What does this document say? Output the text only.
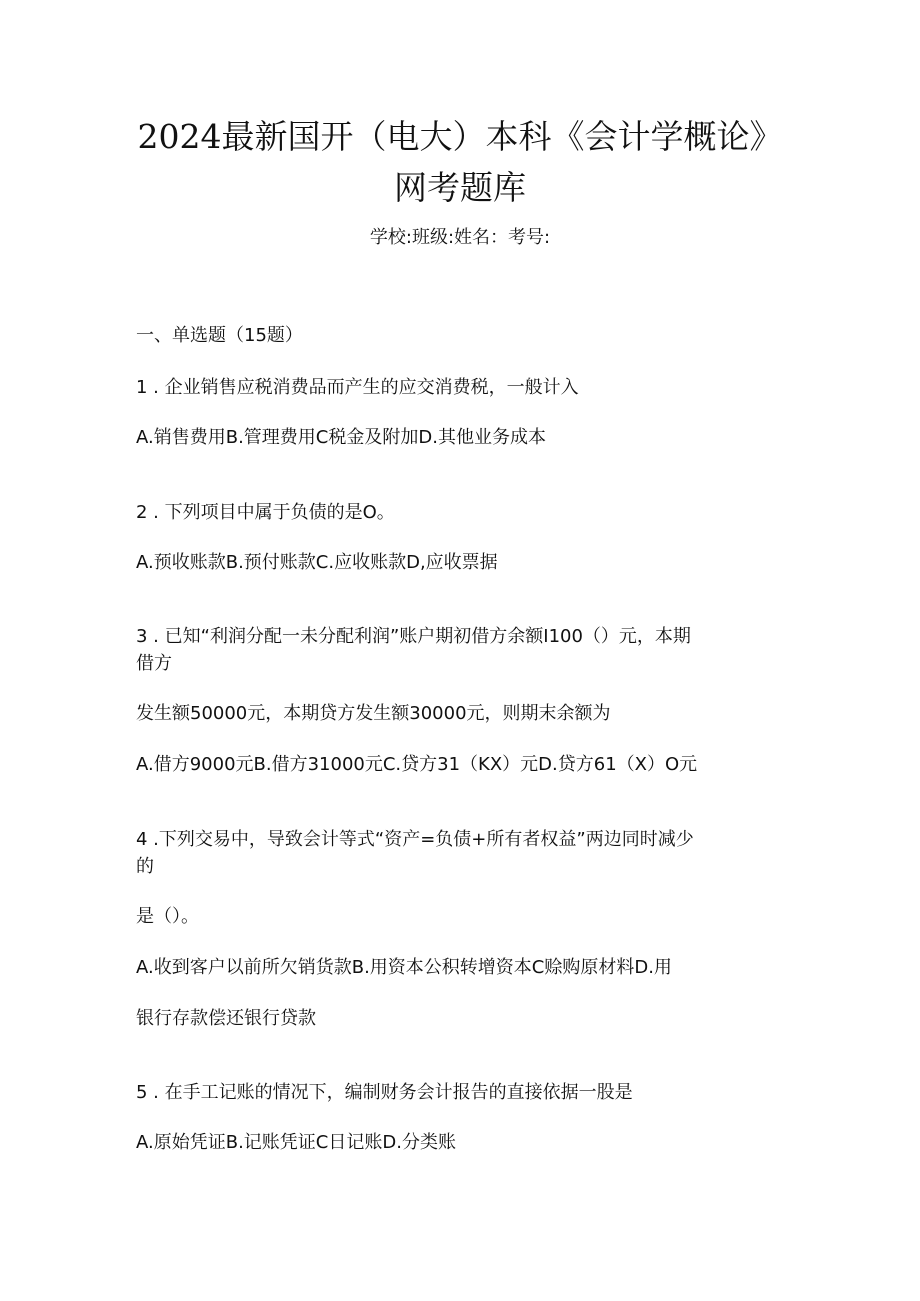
2024最新国开（电大）本科《会计学概论》
网考题库
学校:班级:姓名：考号:
一、单选题（15题）
1 . 企业销售应税消费品而产生的应交消费税，一般计入
A.销售费用B.管理费用C税金及附加D.其他业务成本
2 . 下列项目中属于负债的是O。
A.预收账款B.预付账款C.应收账款D,应收票据
3 . 已知“利润分配一未分配利润”账户期初借方余额I100（）元，本期
借方
发生额50000元，本期贷方发生额30000元，则期末余额为
A.借方9000元B.借方31000元C.贷方31（KX）元D.贷方61（X）O元
4 .下列交易中，导致会计等式“资产=负债+所有者权益”两边同时减少
的
是（）。
A.收到客户以前所欠销货款B.用资本公积转增资本C赊购原材料D.用
银行存款偿还银行贷款
5 . 在手工记账的情况下，编制财务会计报告的直接依据一股是
A.原始凭证B.记账凭证C日记账D.分类账
